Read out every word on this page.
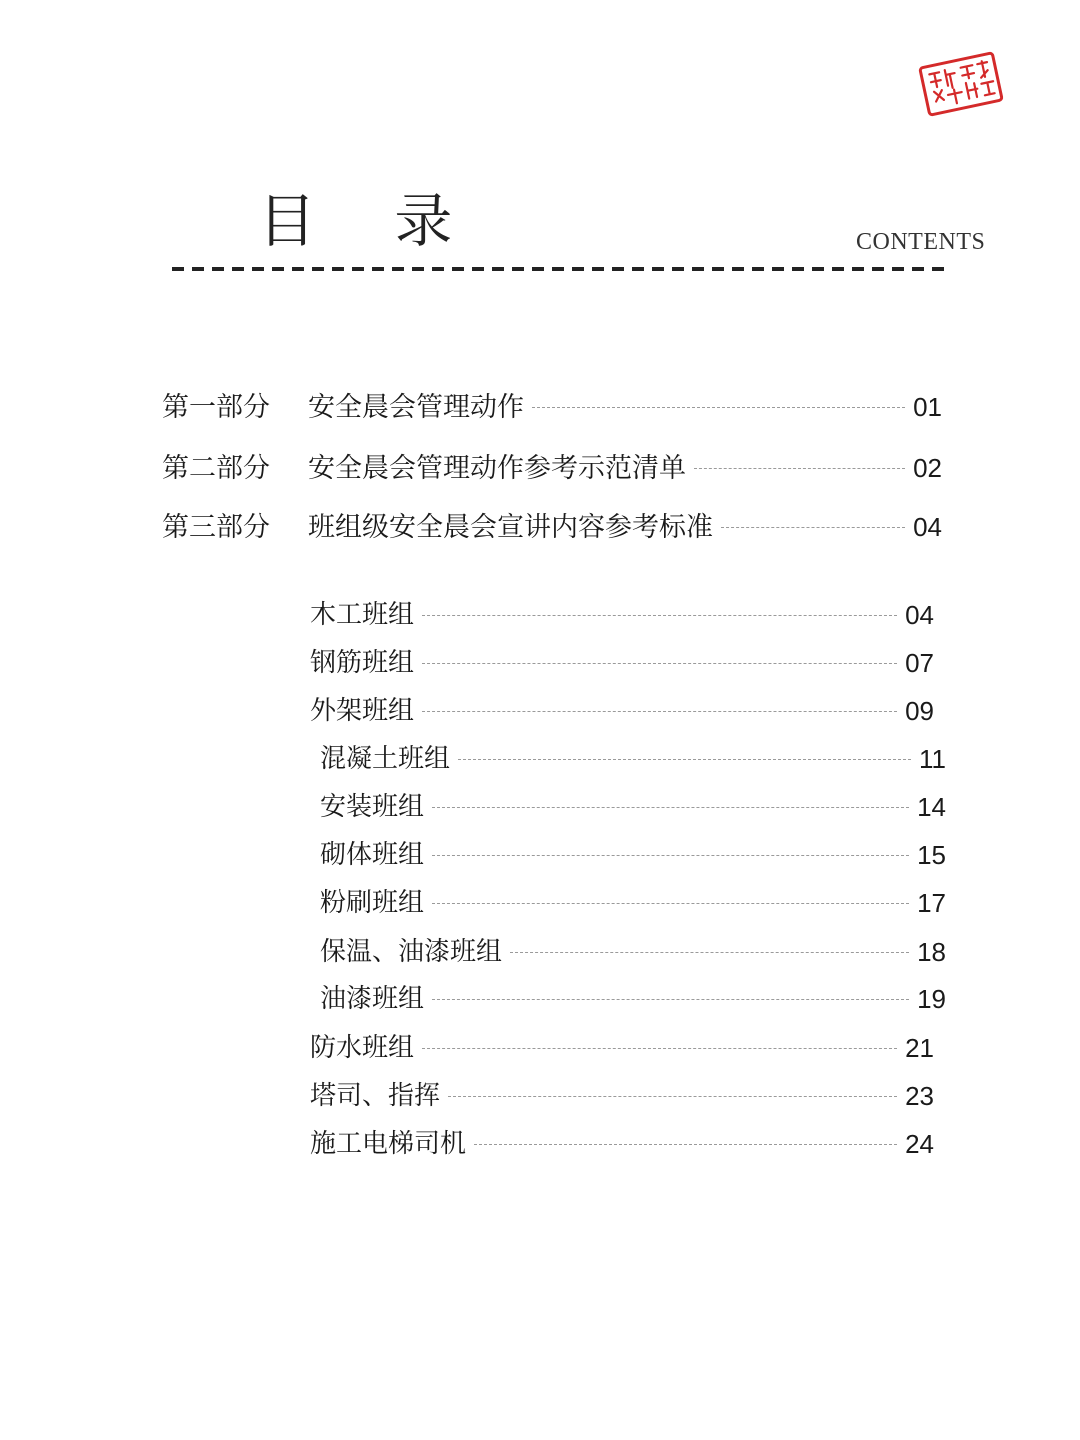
目 录	CONTENTS
第一部分	安全晨会管理动作	01
第二部分	安全晨会管理动作参考示范清单	02
第三部分	班组级安全晨会宣讲内容参考标准	04
木工班组	04
钢筋班组	07
外架班组	09
混凝土班组	11
安装班组	14
砌体班组	15
粉刷班组	17
保温、油漆班组	18
油漆班组	19
防水班组	21
塔司、指挥	23
施工电梯司机	24
